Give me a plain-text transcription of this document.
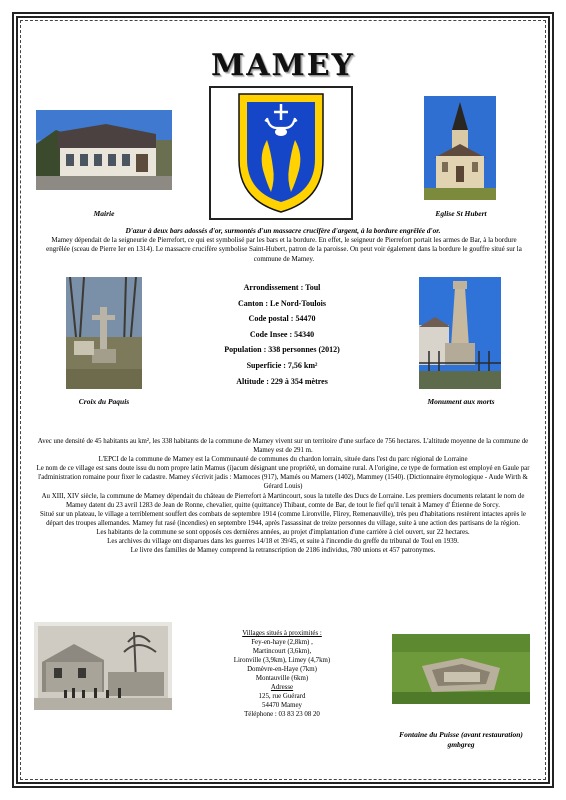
MAMEY
Mairie	Eglise St Hubert
D'azur à deux bars adossés d'or, surmontés d'un massacre crucifère d'argent, à la bordure engrêlée d'or.
Mamey dépendait de la seigneurie de Pierrefort, ce qui est symbolisé par les bars et la bordure. En effet, le seigneur de Pierrefort portait les armes de Bar, à la bordure engrêlée (sceau de Pierre Ier en 1314). Le massacre crucifère symbolise Saint-Hubert, patron de la paroisse. On peut voir également dans la bordure le gouffre situé sur la commune de Mamey.
Croix du Paquis
Arrondissement : Toul
Canton : Le Nord-Toulois
Code postal : 54470
Code Insee : 54340
Population : 338 personnes (2012)
Superficie : 7,56 km²
Altitude : 229 à 354 mètres
Monument aux morts
Avec une densité de 45 habitants au km², les 338 habitants de la commune de Mamey vivent sur un territoire d'une surface de 756 hectares. L'altitude moyenne de la commune de Mamey est de 291 m.
L'EPCI de la commune de Mamey est la Communauté de communes du chardon lorrain, située dans l'est du parc régional de Lorraine
Le nom de ce village est sans doute issu du nom propre latin Mamus (i)acum désignant une propriété, un domaine rural. A l'origine, ce type de formation est employé en Gaule par l'administration romaine pour fixer le cadastre. Mamey s'écrivit jadis : Mamoces (917), Mamés ou Mamers (1402), Mammey (1540). (Dictionnaire étymologique - Aude Wirth & Gérard Louis)
Au XIII, XIV siècle, la commune de Mamey dépendait du château de Pierrefort à Martincourt, sous la tutelle des Ducs de Lorraine. Les premiers documents relatant le nom de Mamey datent du 23 avril 1283 de Jean de Ronne, chevalier, quitte (quittance) Thibaut, comte de Bar, de tout le fief qu'il tenait à Mamey d' Étienne de Sorcy.
Situé sur un plateau, le village a terriblement souffert des combats de septembre 1914 (comme Lironville, Flirey, Remenauville), très peu d'habitations restèrent intactes après le départ des troupes allemandes. Mamey fut rasé (incendies) en septembre 1944, après l'assassinat de treize personnes du village, suite à une action des partisans de la région.
Les habitants de la commune se sont opposés ces dernières années, au projet d'implantation d'une carrière à ciel ouvert, sur 22 hectares.
Les archives du village ont disparues dans les guerres 14/18 et 39/45, et suite à l'incendie du greffe du tribunal de Toul en 1939.
Le livre des familles de Mamey comprend la retranscription de 2186 individus, 780 unions et 457 patronymes.
Villages situés à proximités :
Fey-en-haye (2,8km) ,
Martincourt (3,6km),
Lironville (3,9km), Limey (4,7km)
Domèvre-en-Haye (7km)
Montauville (6km)
Adresse
125, rue Guérard
54470 Mamey
Téléphone : 03 83 23 08 20
Fontaine du Puisse (avant restauration)
gmbgreg
